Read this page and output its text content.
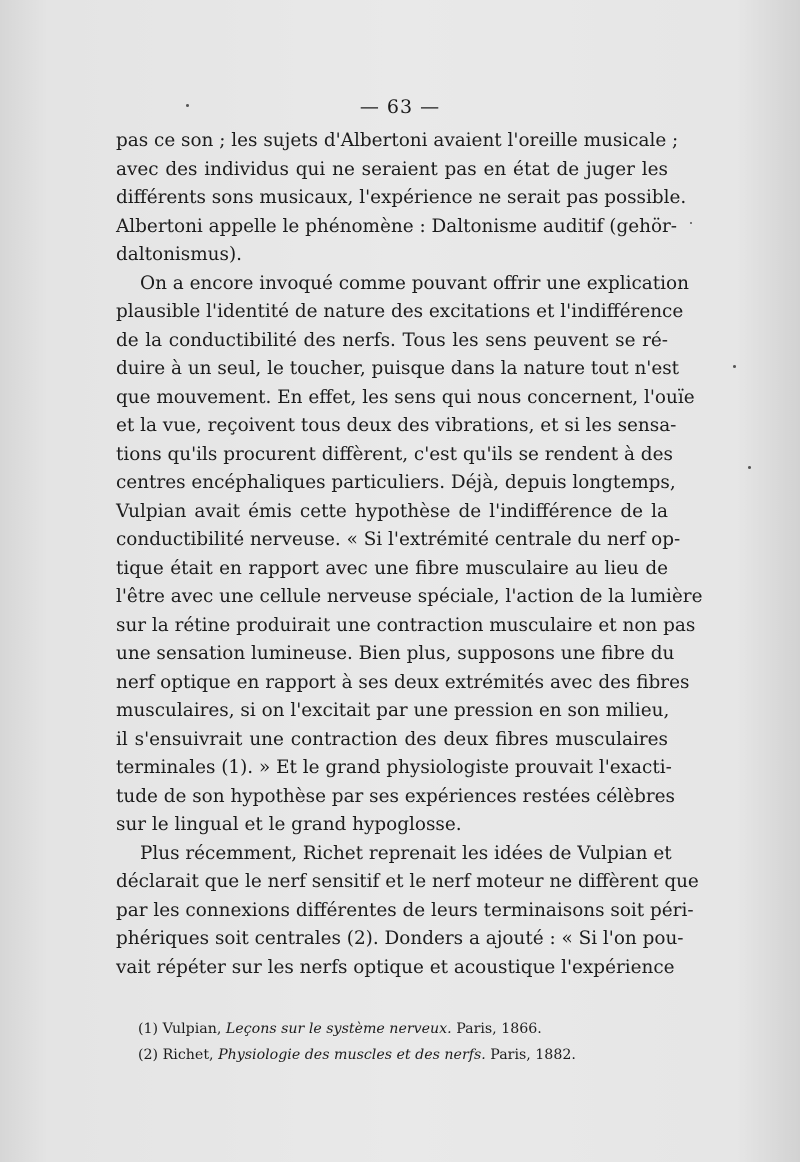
— 63 —
pas ce son ; les sujets d'Albertoni avaient l'oreille musicale ;
avec des individus qui ne seraient pas en état de juger les
différents sons musicaux, l'expérience ne serait pas possible.
Albertoni appelle le phénomène : Daltonisme auditif (gehör-
daltonismus).
On a encore invoqué comme pouvant offrir une explication
plausible l'identité de nature des excitations et l'indifférence
de la conductibilité des nerfs. Tous les sens peuvent se ré-
duire à un seul, le toucher, puisque dans la nature tout n'est
que mouvement. En effet, les sens qui nous concernent, l'ouïe
et la vue, reçoivent tous deux des vibrations, et si les sensa-
tions qu'ils procurent diffèrent, c'est qu'ils se rendent à des
centres encéphaliques particuliers. Déjà, depuis longtemps,
Vulpian avait émis cette hypothèse de l'indifférence de la
conductibilité nerveuse. « Si l'extrémité centrale du nerf op-
tique était en rapport avec une fibre musculaire au lieu de
l'être avec une cellule nerveuse spéciale, l'action de la lumière
sur la rétine produirait une contraction musculaire et non pas
une sensation lumineuse. Bien plus, supposons une fibre du
nerf optique en rapport à ses deux extrémités avec des fibres
musculaires, si on l'excitait par une pression en son milieu,
il s'ensuivrait une contraction des deux fibres musculaires
terminales (1). » Et le grand physiologiste prouvait l'exacti-
tude de son hypothèse par ses expériences restées célèbres
sur le lingual et le grand hypoglosse.
Plus récemment, Richet reprenait les idées de Vulpian et
déclarait que le nerf sensitif et le nerf moteur ne diffèrent que
par les connexions différentes de leurs terminaisons soit péri-
phériques soit centrales (2). Donders a ajouté : « Si l'on pou-
vait répéter sur les nerfs optique et acoustique l'expérience
(1) Vulpian, Leçons sur le système nerveux. Paris, 1866.
(2) Richet, Physiologie des muscles et des nerfs. Paris, 1882.
